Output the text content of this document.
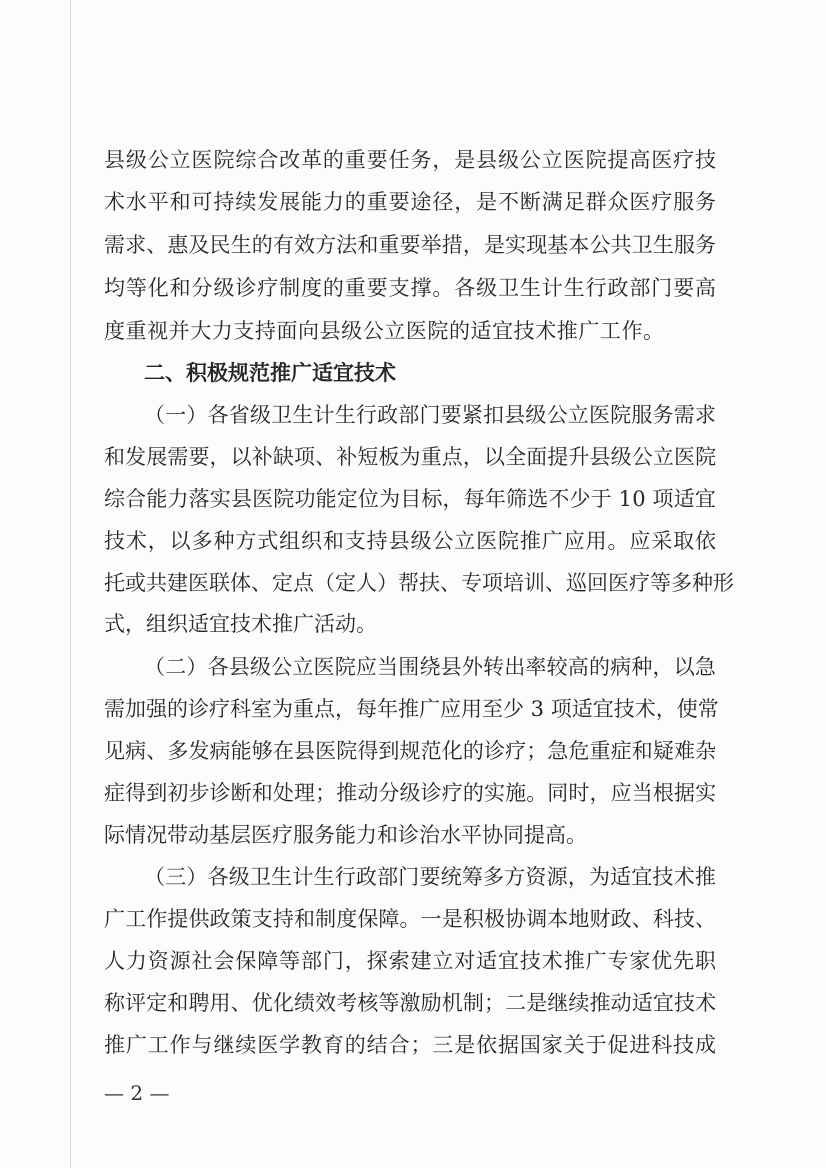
县级公立医院综合改革的重要任务，是县级公立医院提高医疗技
术水平和可持续发展能力的重要途径，是不断满足群众医疗服务
需求、惠及民生的有效方法和重要举措，是实现基本公共卫生服务
均等化和分级诊疗制度的重要支撑。各级卫生计生行政部门要高
度重视并大力支持面向县级公立医院的适宜技术推广工作。
二、积极规范推广适宜技术
（一）各省级卫生计生行政部门要紧扣县级公立医院服务需求
和发展需要，以补缺项、补短板为重点，以全面提升县级公立医院
综合能力落实县医院功能定位为目标，每年筛选不少于 10 项适宜
技术，以多种方式组织和支持县级公立医院推广应用。应采取依
托或共建医联体、定点（定人）帮扶、专项培训、巡回医疗等多种形
式，组织适宜技术推广活动。
（二）各县级公立医院应当围绕县外转出率较高的病种，以急
需加强的诊疗科室为重点，每年推广应用至少 3 项适宜技术，使常
见病、多发病能够在县医院得到规范化的诊疗；急危重症和疑难杂
症得到初步诊断和处理；推动分级诊疗的实施。同时，应当根据实
际情况带动基层医疗服务能力和诊治水平协同提高。
（三）各级卫生计生行政部门要统筹多方资源，为适宜技术推
广工作提供政策支持和制度保障。一是积极协调本地财政、科技、
人力资源社会保障等部门，探索建立对适宜技术推广专家优先职
称评定和聘用、优化绩效考核等激励机制；二是继续推动适宜技术
推广工作与继续医学教育的结合；三是依据国家关于促进科技成
— 2 —
